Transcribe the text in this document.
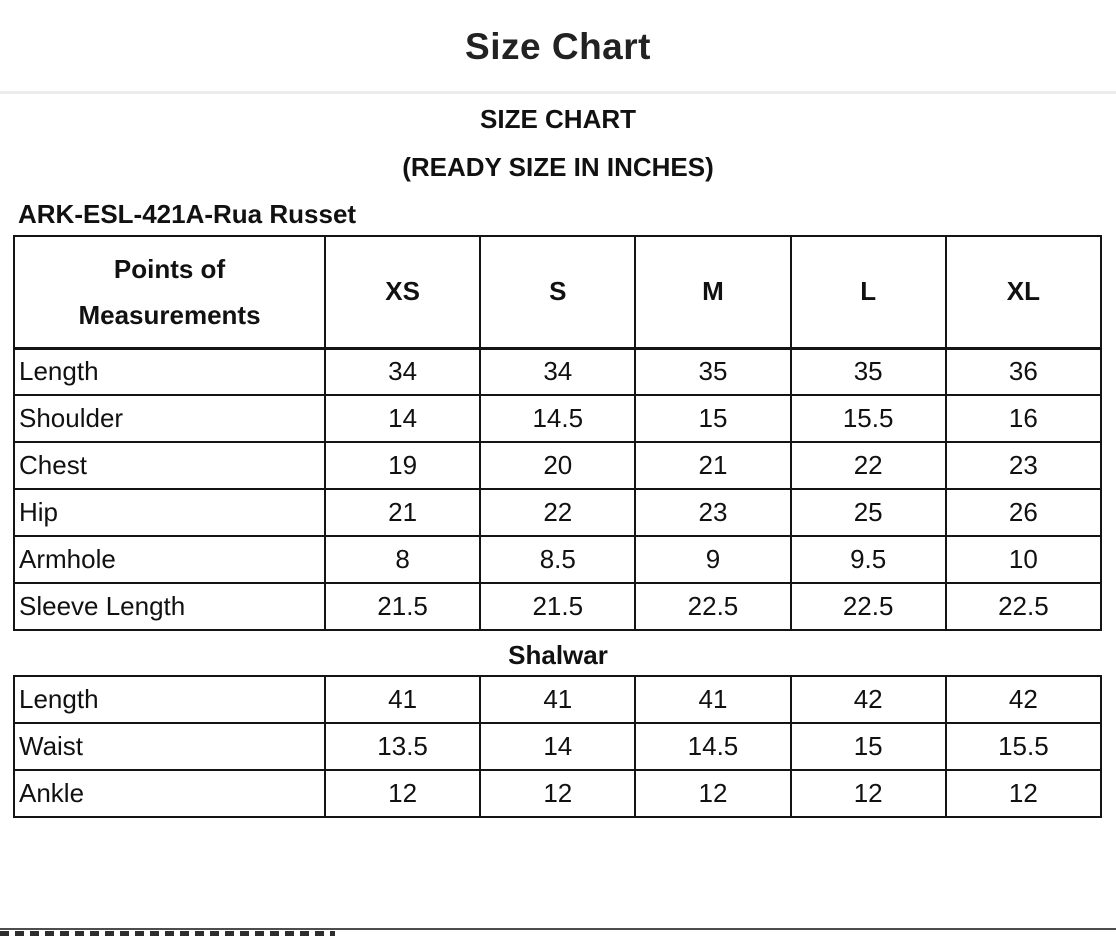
Size Chart
SIZE CHART
(READY SIZE IN INCHES)
ARK-ESL-421A-Rua Russet
Points of Measurements	XS	S	M	L	XL
Length	34	34	35	35	36
Shoulder	14	14.5	15	15.5	16
Chest	19	20	21	22	23
Hip	21	22	23	25	26
Armhole	8	8.5	9	9.5	10
Sleeve Length	21.5	21.5	22.5	22.5	22.5
Shalwar
Length	41	41	41	42	42
Waist	13.5	14	14.5	15	15.5
Ankle	12	12	12	12	12
